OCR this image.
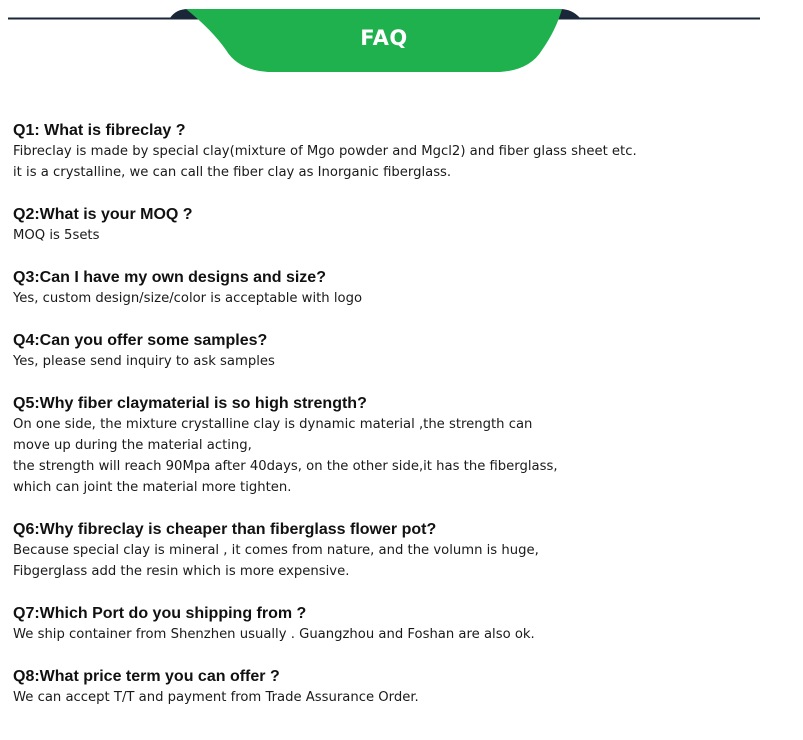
FAQ
Q1: What is fibreclay ?
Fibreclay is made by special clay(mixture of Mgo powder and Mgcl2) and fiber glass sheet etc.
it is a crystalline, we can call the fiber clay as Inorganic fiberglass.
Q2:What is your MOQ ?
MOQ is 5sets
Q3:Can I have my own designs and size?
Yes, custom design/size/color is acceptable with logo
Q4:Can you offer some samples?
Yes, please send inquiry to ask samples
Q5:Why fiber claymaterial is so high strength?
On one side, the mixture crystalline clay is dynamic material ,the strength can
move up during the material acting,
the strength will reach 90Mpa after 40days, on the other side,it has the fiberglass,
which can joint the material more tighten.
Q6:Why fibreclay is cheaper than fiberglass flower pot?
Because special clay is mineral , it comes from nature, and the volumn is huge,
Fibgerglass add the resin which is more expensive.
Q7:Which Port do you shipping from ?
We ship container from Shenzhen usually . Guangzhou and Foshan are also ok.
Q8:What price term you can offer ?
We can accept T/T and payment from Trade Assurance Order.
